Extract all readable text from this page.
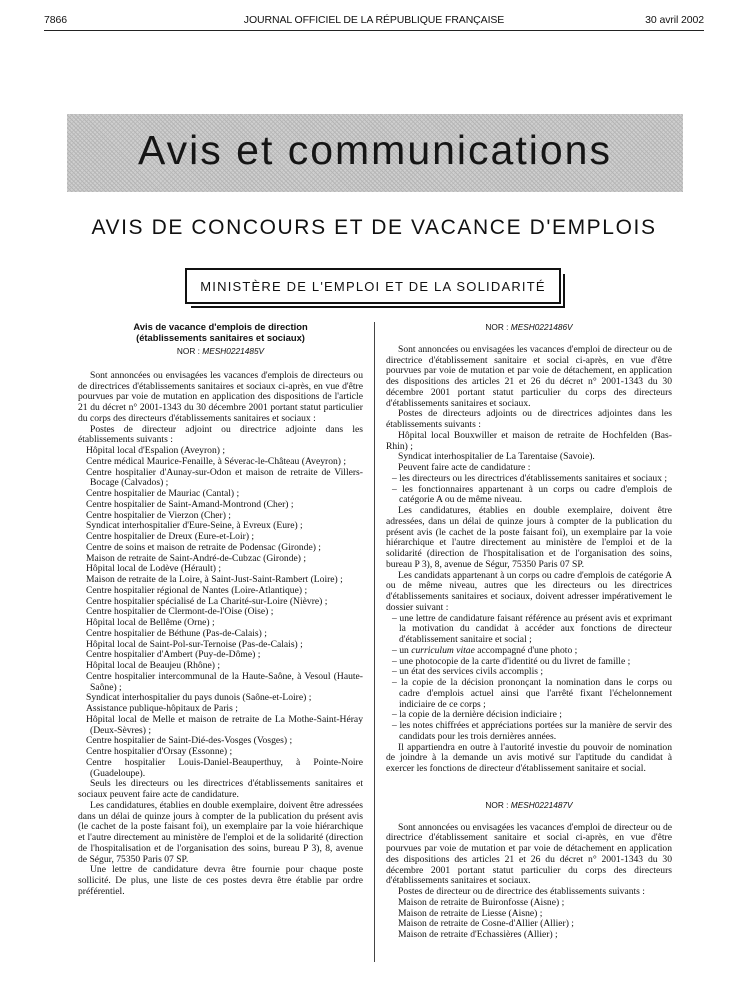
7866	JOURNAL OFFICIEL DE LA RÉPUBLIQUE FRANÇAISE	30 avril 2002
Avis et communications
AVIS DE CONCOURS ET DE VACANCE D'EMPLOIS
MINISTÈRE DE L'EMPLOI ET DE LA SOLIDARITÉ
Avis de vacance d'emplois de direction
(établissements sanitaires et sociaux)
NOR : MESH0221485V

Sont annoncées ou envisagées les vacances d'emplois de directeurs ou de directrices d'établissements sanitaires et sociaux ci-après, en vue d'être pourvues par voie de mutation en application des dispositions de l'article 21 du décret n° 2001-1343 du 30 décembre 2001 portant statut particulier du corps des directeurs d'établissements sanitaires et sociaux :

Postes de directeur adjoint ou directrice adjointe dans les établissements suivants :

Hôpital local d'Espalion (Aveyron) ;

Centre médical Maurice-Fenaille, à Séverac-le-Château (Aveyron) ;

Centre hospitalier d'Aunay-sur-Odon et maison de retraite de Villers-Bocage (Calvados) ;

Centre hospitalier de Mauriac (Cantal) ;

Centre hospitalier de Saint-Amand-Montrond (Cher) ;

Centre hospitalier de Vierzon (Cher) ;

Syndicat interhospitalier d'Eure-Seine, à Evreux (Eure) ;

Centre hospitalier de Dreux (Eure-et-Loir) ;

Centre de soins et maison de retraite de Podensac (Gironde) ;

Maison de retraite de Saint-André-de-Cubzac (Gironde) ;

Hôpital local de Lodève (Hérault) ;

Maison de retraite de la Loire, à Saint-Just-Saint-Rambert (Loire) ;

Centre hospitalier régional de Nantes (Loire-Atlantique) ;

Centre hospitalier spécialisé de La Charité-sur-Loire (Nièvre) ;

Centre hospitalier de Clermont-de-l'Oise (Oise) ;

Hôpital local de Bellême (Orne) ;

Centre hospitalier de Béthune (Pas-de-Calais) ;

Hôpital local de Saint-Pol-sur-Ternoise (Pas-de-Calais) ;

Centre hospitalier d'Ambert (Puy-de-Dôme) ;

Hôpital local de Beaujeu (Rhône) ;

Centre hospitalier intercommunal de la Haute-Saône, à Vesoul (Haute-Saône) ;

Syndicat interhospitalier du pays dunois (Saône-et-Loire) ;

Assistance publique-hôpitaux de Paris ;

Hôpital local de Melle et maison de retraite de La Mothe-Saint-Héray (Deux-Sèvres) ;

Centre hospitalier de Saint-Dié-des-Vosges (Vosges) ;

Centre hospitalier d'Orsay (Essonne) ;

Centre hospitalier Louis-Daniel-Beauperthuy, à Pointe-Noire (Guadeloupe).

Seuls les directeurs ou les directrices d'établissements sanitaires et sociaux peuvent faire acte de candidature.

Les candidatures, établies en double exemplaire, doivent être adressées dans un délai de quinze jours à compter de la publication du présent avis (le cachet de la poste faisant foi), un exemplaire par la voie hiérarchique et l'autre directement au ministère de l'emploi et de la solidarité (direction de l'hospitalisation et de l'organisation des soins, bureau P 3), 8, avenue de Ségur, 75350 Paris 07 SP.

Une lettre de candidature devra être fournie pour chaque poste sollicité. De plus, une liste de ces postes devra être établie par ordre préférentiel.

NOR : MESH0221486V

Sont annoncées ou envisagées les vacances d'emploi de directeur ou de directrice d'établissement sanitaire et social ci-après, en vue d'être pourvues par voie de mutation et par voie de détachement, en application des dispositions des articles 21 et 26 du décret n° 2001-1343 du 30 décembre 2001 portant statut particulier du corps des directeurs d'établissements sanitaires et sociaux.

Postes de directeurs adjoints ou de directrices adjointes dans les établissements suivants :

Hôpital local Bouxwiller et maison de retraite de Hochfelden (Bas-Rhin) ;

Syndicat interhospitalier de La Tarentaise (Savoie).

Peuvent faire acte de candidature :

– les directeurs ou les directrices d'établissements sanitaires et sociaux ;

– les fonctionnaires appartenant à un corps ou cadre d'emplois de catégorie A ou de même niveau.

Les candidatures, établies en double exemplaire, doivent être adressées, dans un délai de quinze jours à compter de la publication du présent avis (le cachet de la poste faisant foi), un exemplaire par la voie hiérarchique et l'autre directement au ministère de l'emploi et de la solidarité (direction de l'hospitalisation et de l'organisation des soins, bureau P 3), 8, avenue de Ségur, 75350 Paris 07 SP.

Les candidats appartenant à un corps ou cadre d'emplois de catégorie A ou de même niveau, autres que les directeurs ou les directrices d'établissements sanitaires et sociaux, doivent adresser impérativement le dossier suivant :

– une lettre de candidature faisant référence au présent avis et exprimant la motivation du candidat à accéder aux fonctions de directeur d'établissement sanitaire et social ;

– un curriculum vitae accompagné d'une photo ;

– une photocopie de la carte d'identité ou du livret de famille ;

– un état des services civils accomplis ;

– la copie de la décision prononçant la nomination dans le corps ou cadre d'emplois actuel ainsi que l'arrêté fixant l'échelonnement indiciaire de ce corps ;

– la copie de la dernière décision indiciaire ;

– les notes chiffrées et appréciations portées sur la manière de servir des candidats pour les trois dernières années.

Il appartiendra en outre à l'autorité investie du pouvoir de nomination de joindre à la demande un avis motivé sur l'aptitude du candidat à exercer les fonctions de directeur d'établissement sanitaire et social.

NOR : MESH0221487V

Sont annoncées ou envisagées les vacances d'emploi de directeur ou de directrice d'établissement sanitaire et social ci-après, en vue d'être pourvues par voie de mutation et par voie de détachement en application des dispositions des articles 21 et 26 du décret n° 2001-1343 du 30 décembre 2001 portant statut particulier du corps des directeurs d'établissements sanitaires et sociaux.

Postes de directeur ou de directrice des établissements suivants :

Maison de retraite de Buironfosse (Aisne) ;

Maison de retraite de Liesse (Aisne) ;

Maison de retraite de Cosne-d'Allier (Allier) ;

Maison de retraite d'Echassières (Allier) ;
